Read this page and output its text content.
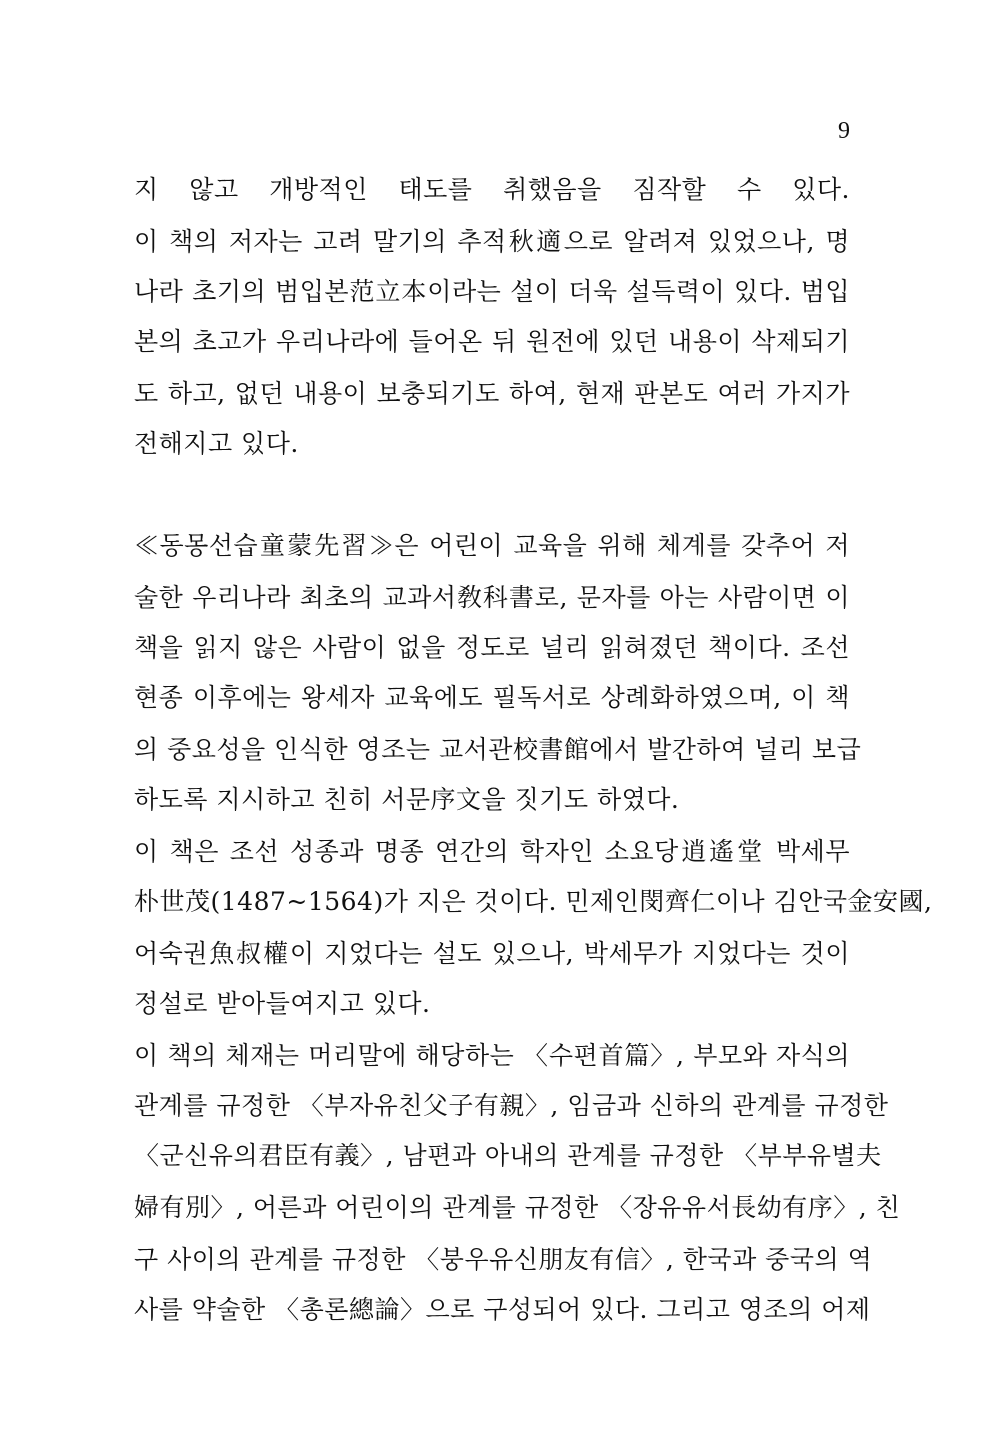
9
지 않고 개방적인 태도를 취했음을 짐작할 수 있다.
이 책의 저자는 고려 말기의 추적秋適으로 알려져 있었으나, 명
나라 초기의 범입본范立本이라는 설이 더욱 설득력이 있다. 범입
본의 초고가 우리나라에 들어온 뒤 원전에 있던 내용이 삭제되기
도 하고, 없던 내용이 보충되기도 하여, 현재 판본도 여러 가지가
전해지고 있다.
≪동몽선습童蒙先習≫은 어린이 교육을 위해 체계를 갖추어 저
술한 우리나라 최초의 교과서敎科書로, 문자를 아는 사람이면 이
책을 읽지 않은 사람이 없을 정도로 널리 읽혀졌던 책이다. 조선
현종 이후에는 왕세자 교육에도 필독서로 상례화하였으며, 이 책
의 중요성을 인식한 영조는 교서관校書館에서 발간하여 널리 보급
하도록 지시하고 친히 서문序文을 짓기도 하였다.
이 책은 조선 성종과 명종 연간의 학자인 소요당逍遙堂 박세무
朴世茂(1487~1564)가 지은 것이다. 민제인閔齊仁이나 김안국金安國,
어숙권魚叔權이 지었다는 설도 있으나, 박세무가 지었다는 것이
정설로 받아들여지고 있다.
이 책의 체재는 머리말에 해당하는 〈수편首篇〉, 부모와 자식의
관계를 규정한 〈부자유친父子有親〉, 임금과 신하의 관계를 규정한
〈군신유의君臣有義〉, 남편과 아내의 관계를 규정한 〈부부유별夫
婦有別〉, 어른과 어린이의 관계를 규정한 〈장유유서長幼有序〉, 친
구 사이의 관계를 규정한 〈붕우유신朋友有信〉, 한국과 중국의 역
사를 약술한 〈총론總論〉으로 구성되어 있다. 그리고 영조의 어제
